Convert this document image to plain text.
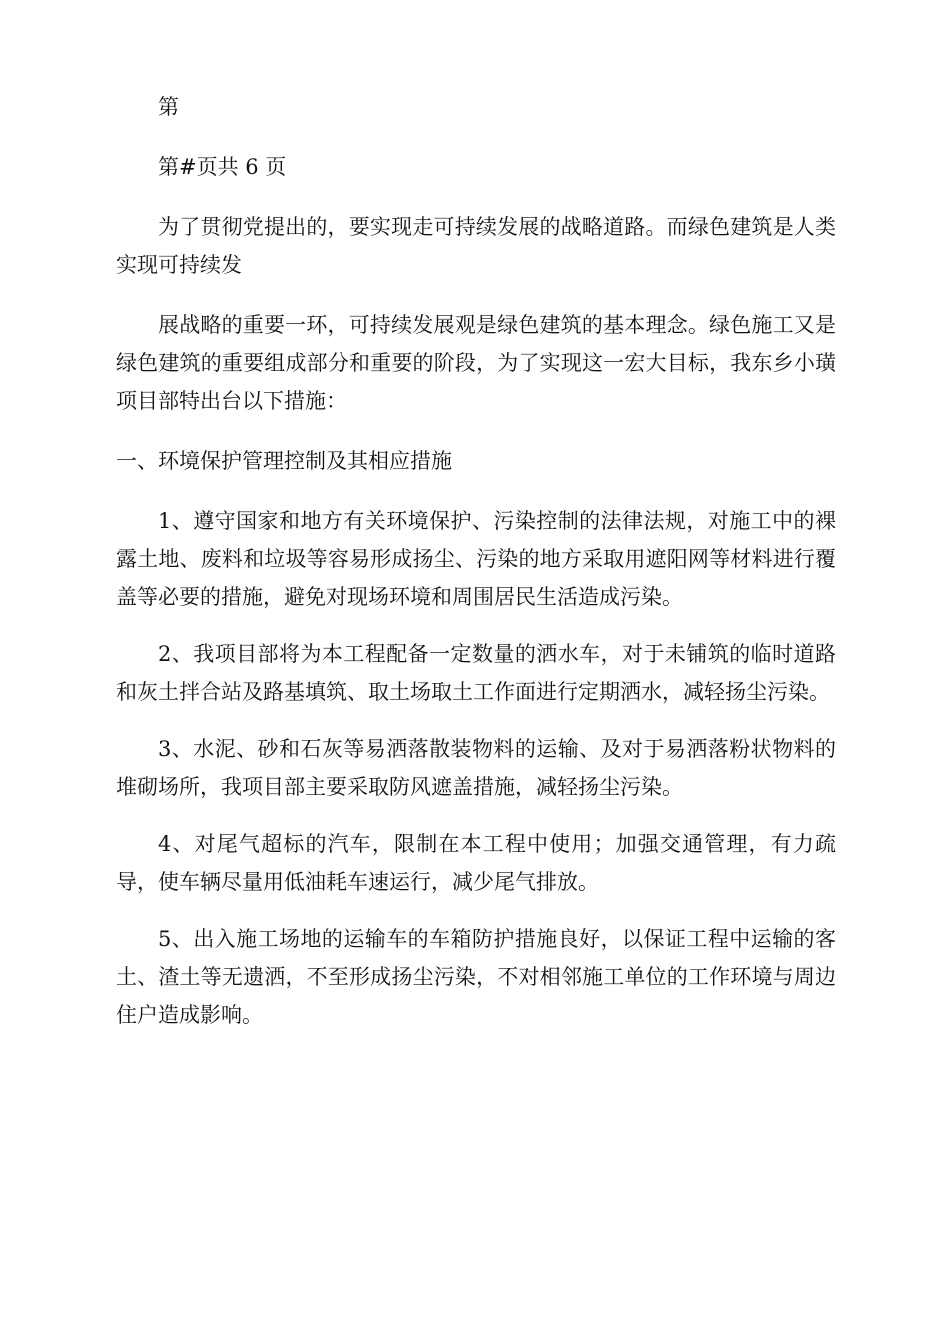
第

第#页共 6 页

为了贯彻党提出的，要实现走可持续发展的战略道路。而绿色建筑是人类实现可持续发

展战略的重要一环，可持续发展观是绿色建筑的基本理念。绿色施工又是绿色建筑的重要组成部分和重要的阶段，为了实现这一宏大目标，我东乡小璜项目部特出台以下措施：

一、环境保护管理控制及其相应措施

1、遵守国家和地方有关环境保护、污染控制的法律法规，对施工中的裸露土地、废料和垃圾等容易形成扬尘、污染的地方采取用遮阳网等材料进行覆盖等必要的措施，避免对现场环境和周围居民生活造成污染。

2、我项目部将为本工程配备一定数量的洒水车，对于未铺筑的临时道路和灰土拌合站及路基填筑、取土场取土工作面进行定期洒水，减轻扬尘污染。

3、水泥、砂和石灰等易洒落散装物料的运输、及对于易洒落粉状物料的堆砌场所，我项目部主要采取防风遮盖措施，减轻扬尘污染。

4、对尾气超标的汽车，限制在本工程中使用；加强交通管理，有力疏导，使车辆尽量用低油耗车速运行，减少尾气排放。

5、出入施工场地的运输车的车箱防护措施良好，以保证工程中运输的客土、渣土等无遗洒，不至形成扬尘污染，不对相邻施工单位的工作环境与周边住户造成影响。
